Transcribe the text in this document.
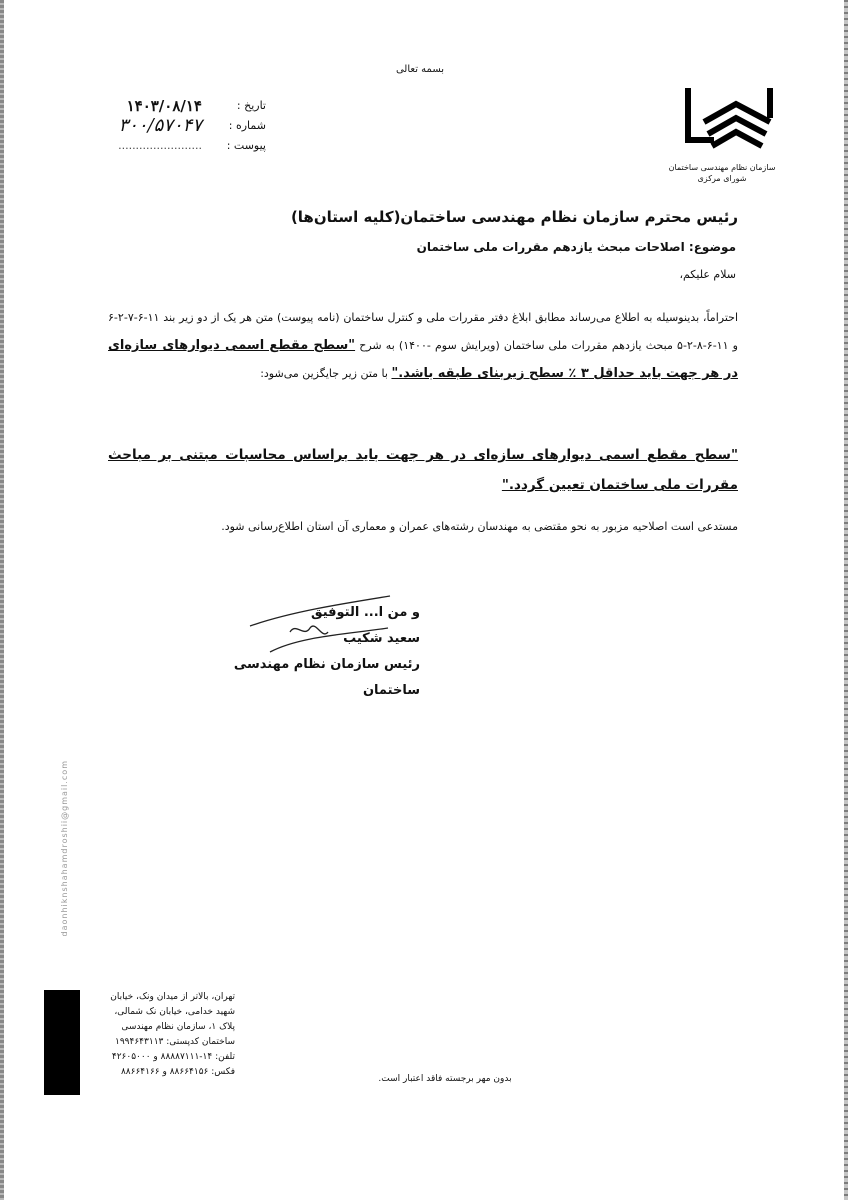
بسمه تعالی
سازمان نظام مهندسی ساختمان
شورای مرکزی
تاریخ :
۱۴۰۳/۰۸/۱۴
شماره :
۳۰۰/۵۷۰۴۷
پیوست :
........................
رئیس محترم سازمان نظام مهندسی ساختمان(کلیه استان‌ها)
موضوع: اصلاحات مبحث یازدهم مقررات ملی ساختمان
سلام علیکم،
احتراماً، بدینوسیله به اطلاع می‌رساند مطابق ابلاغ دفتر مقررات ملی و کنترل ساختمان (نامه پیوست) متن هر یک از دو زیر بند ۱۱-۶-۷-۲-۶ و ۱۱-۶-۸-۲-۵ مبحث یازدهم مقررات ملی ساختمان (ویرایش سوم -۱۴۰۰) به شرح "سطح مقطع اسمی دیوارهای سازه‌ای در هر جهت باید حداقل ۳ ٪ سطح زیربنای طبقه باشد." با متن زیر جایگزین می‌شود:
"سطح مقطع اسمی دیوارهای سازه‌ای در هر جهت باید براساس محاسبات مبتنی بر مباحث مقررات ملی ساختمان تعیین گردد."
مستدعی است اصلاحیه مزبور به نحو مقتضی به مهندسان رشته‌های عمران و معماری آن استان اطلاع‌رسانی شود.
و من ا... التوفیق
سعید شکیب
رئیس سازمان نظام مهندسی ساختمان
daonhiknshahamdroshii@gmail.com
تهران، بالاتر از میدان ونک، خیابان
شهید خدامی، خیابان نک شمالی،
پلاک ۱، سازمان نظام مهندسی
ساختمان کدپستی: ۱۹۹۴۶۴۳۱۱۳
تلفن: ۱۴-۸۸۸۸۷۱۱۱ و ۴۲۶۰۵۰۰۰
فکس: ۸۸۶۶۴۱۵۶ و ۸۸۶۶۴۱۶۶
بدون مهر برجسته فاقد اعتبار است.
